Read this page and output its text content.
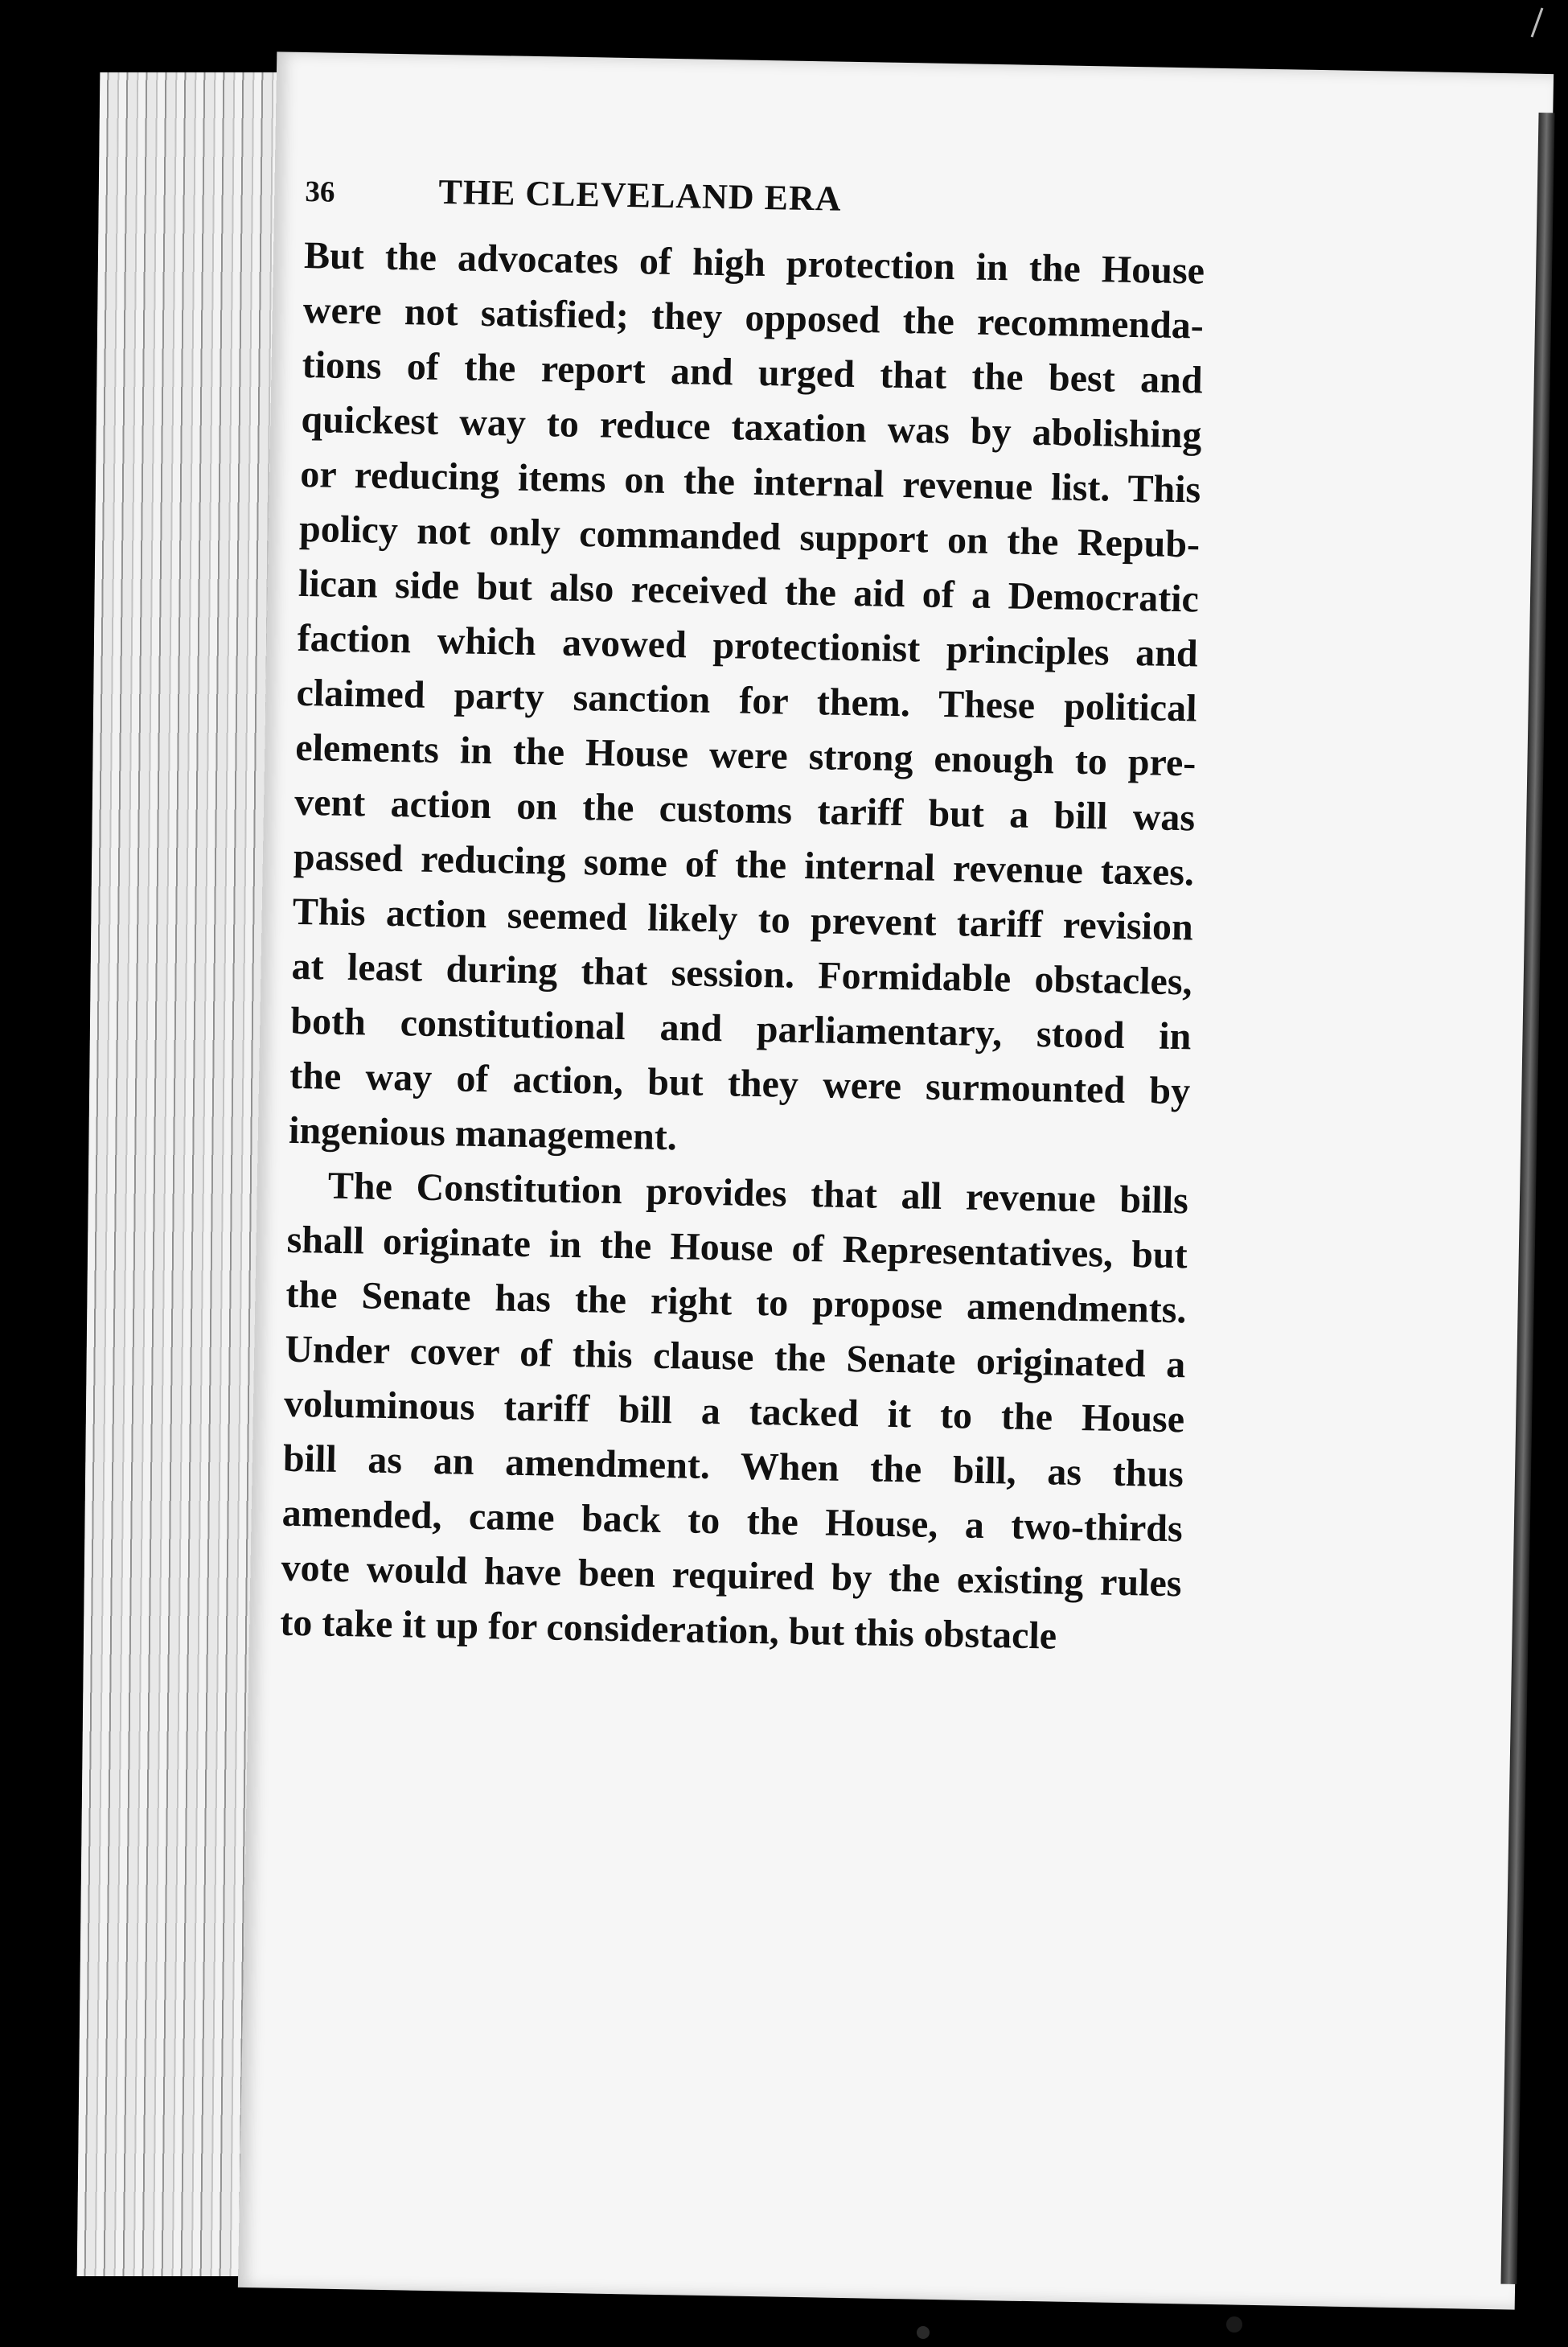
36	THE CLEVELAND ERA
But the advocates of high protection in the House
were not satisfied; they opposed the recommenda-
tions of the report and urged that the best and
quickest way to reduce taxation was by abolishing
or reducing items on the internal revenue list. This
policy not only commanded support on the Repub-
lican side but also received the aid of a Democratic
faction which avowed protectionist principles and
claimed party sanction for them. These political
elements in the House were strong enough to pre-
vent action on the customs tariff but a bill was
passed reducing some of the internal revenue taxes.
This action seemed likely to prevent tariff revision
at least during that session. Formidable obstacles,
both constitutional and parliamentary, stood in
the way of action, but they were surmounted by
ingenious management.
The Constitution provides that all revenue bills
shall originate in the House of Representatives, but
the Senate has the right to propose amendments.
Under cover of this clause the Senate originated a
voluminous tariff bill a tacked it to the House
bill as an amendment. When the bill, as thus
amended, came back to the House, a two-thirds
vote would have been required by the existing rules
to take it up for consideration, but this obstacle
